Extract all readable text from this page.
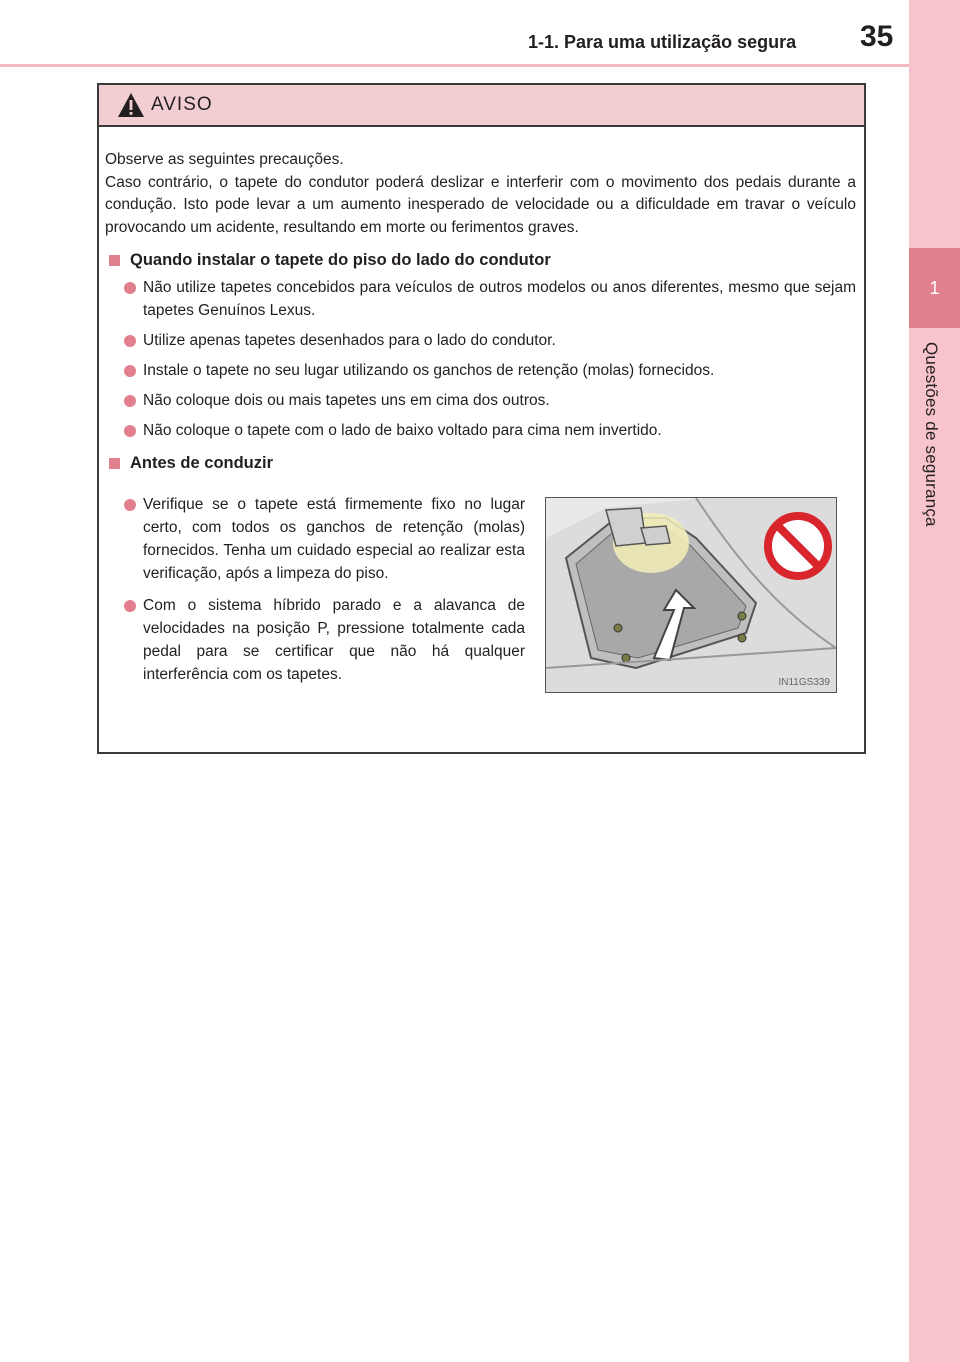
1
Questões de segurança
1-1. Para uma utilização segura 35
AVISO

Observe as seguintes precauções.

Caso contrário, o tapete do condutor poderá deslizar e interferir com o movimento dos pedais durante a condução. Isto pode levar a um aumento inesperado de velocidade ou a dificuldade em travar o veículo provocando um acidente, resultando em morte ou ferimentos graves.

Quando instalar o tapete do piso do lado do condutor
Não utilize tapetes concebidos para veículos de outros modelos ou anos diferentes, mesmo que sejam tapetes Genuínos Lexus.
Utilize apenas tapetes desenhados para o lado do condutor.
Instale o tapete no seu lugar utilizando os ganchos de retenção (molas) fornecidos.
Não coloque dois ou mais tapetes uns em cima dos outros.
Não coloque o tapete com o lado de baixo voltado para cima nem invertido.
Antes de conduzir
Verifique se o tapete está firmemente fixo no lugar certo, com todos os ganchos de retenção (molas) fornecidos. Tenha um cuidado especial ao realizar esta verificação, após a limpeza do piso.
Com o sistema híbrido parado e a alavanca de velocidades na posição P, pressione totalmente cada pedal para se certificar que não há qualquer interferência com os tapetes.	IN11GS339
